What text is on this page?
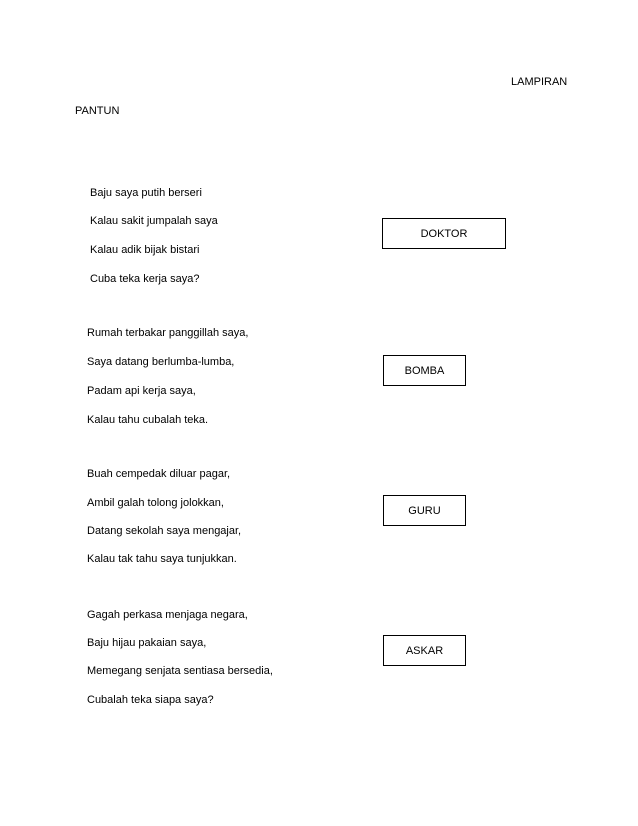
LAMPIRAN
PANTUN
Baju saya putih berseri
Kalau sakit jumpalah saya
Kalau adik bijak bistari
Cuba teka kerja saya?
DOKTOR
Rumah terbakar panggillah saya,
Saya datang berlumba-lumba,
Padam api kerja saya,
Kalau tahu cubalah teka.
BOMBA
Buah cempedak diluar pagar,
Ambil galah tolong jolokkan,
Datang sekolah saya mengajar,
Kalau tak tahu saya tunjukkan.
GURU
Gagah perkasa menjaga negara,
Baju hijau pakaian saya,
Memegang senjata sentiasa bersedia,
Cubalah teka siapa saya?
ASKAR
